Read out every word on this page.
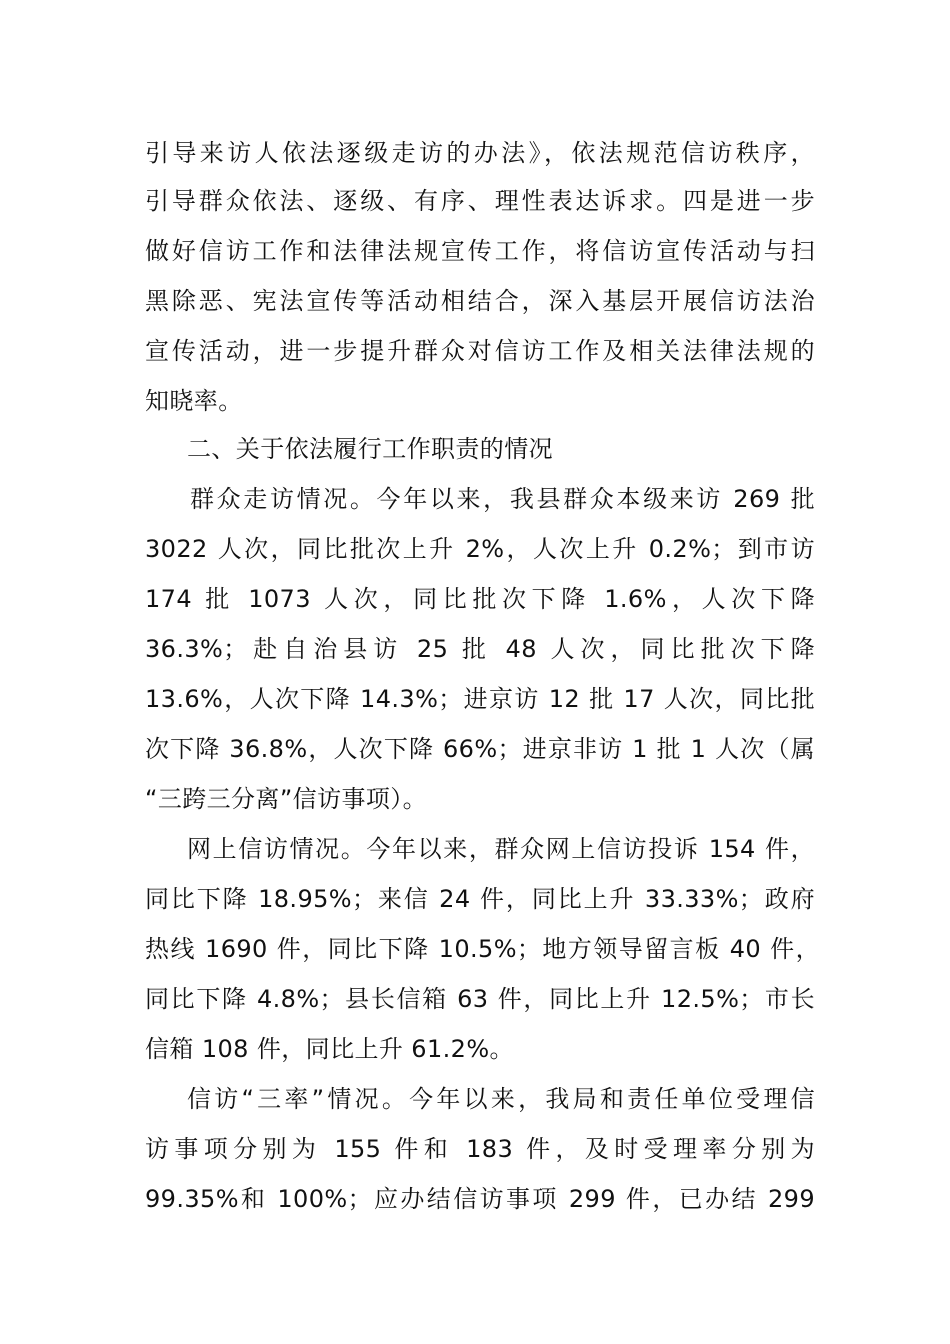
引导来访人依法逐级走访的办法》，依法规范信访秩序，
引导群众依法、逐级、有序、理性表达诉求。四是进一步
做好信访工作和法律法规宣传工作，将信访宣传活动与扫
黑除恶、宪法宣传等活动相结合，深入基层开展信访法治
宣传活动，进一步提升群众对信访工作及相关法律法规的
知晓率。
二、关于依法履行工作职责的情况
群众走访情况。今年以来，我县群众本级来访 269 批
3022 人次，同比批次上升 2%，人次上升 0.2%；到市访
174 批 1073 人次，同比批次下降 1.6%，人次下降
36.3%；赴自治县访 25 批 48 人次，同比批次下降
13.6%，人次下降 14.3%；进京访 12 批 17 人次，同比批
次下降 36.8%，人次下降 66%；进京非访 1 批 1 人次（属
“三跨三分离”信访事项）。
网上信访情况。今年以来，群众网上信访投诉 154 件，
同比下降 18.95%；来信 24 件，同比上升 33.33%；政府
热线 1690 件，同比下降 10.5%；地方领导留言板 40 件，
同比下降 4.8%；县长信箱 63 件，同比上升 12.5%；市长
信箱 108 件，同比上升 61.2%。
信访“三率”情况。今年以来，我局和责任单位受理信
访事项分别为 155 件和 183 件，及时受理率分别为
99.35%和 100%；应办结信访事项 299 件，已办结 299
